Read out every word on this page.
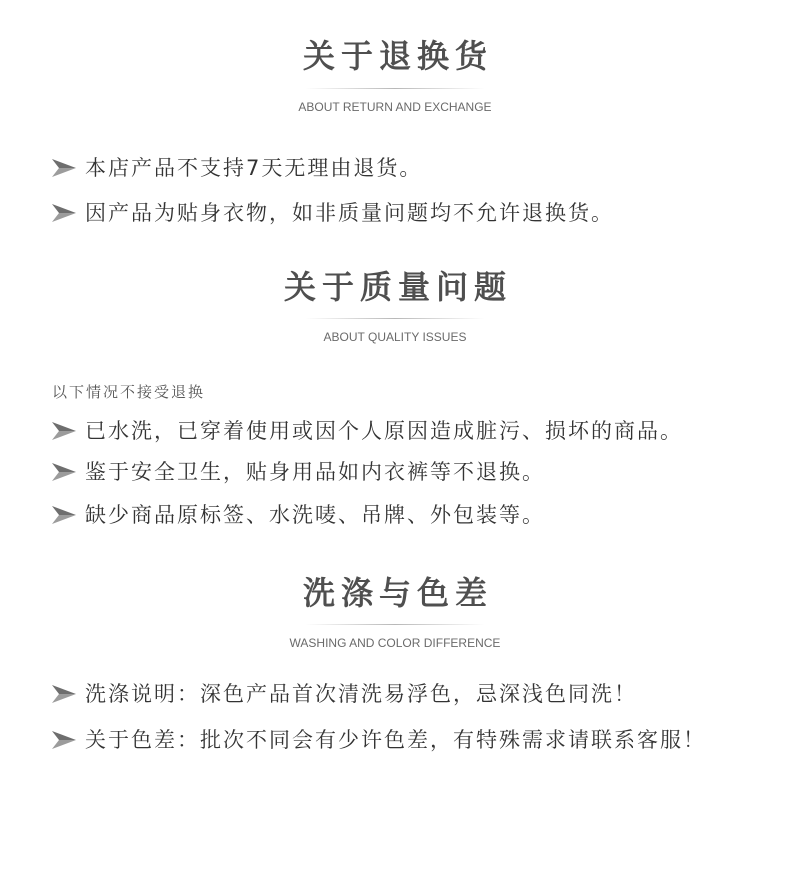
关于退换货
ABOUT RETURN AND EXCHANGE
本店产品不支持7天无理由退货。
因产品为贴身衣物，如非质量问题均不允许退换货。
关于质量问题
ABOUT QUALITY ISSUES
以下情况不接受退换
已水洗，已穿着使用或因个人原因造成脏污、损坏的商品。
鉴于安全卫生，贴身用品如内衣裤等不退换。
缺少商品原标签、水洗唛、吊牌、外包装等。
洗涤与色差
WASHING AND COLOR DIFFERENCE
洗涤说明：深色产品首次清洗易浮色，忌深浅色同洗！
关于色差：批次不同会有少许色差，有特殊需求请联系客服！
